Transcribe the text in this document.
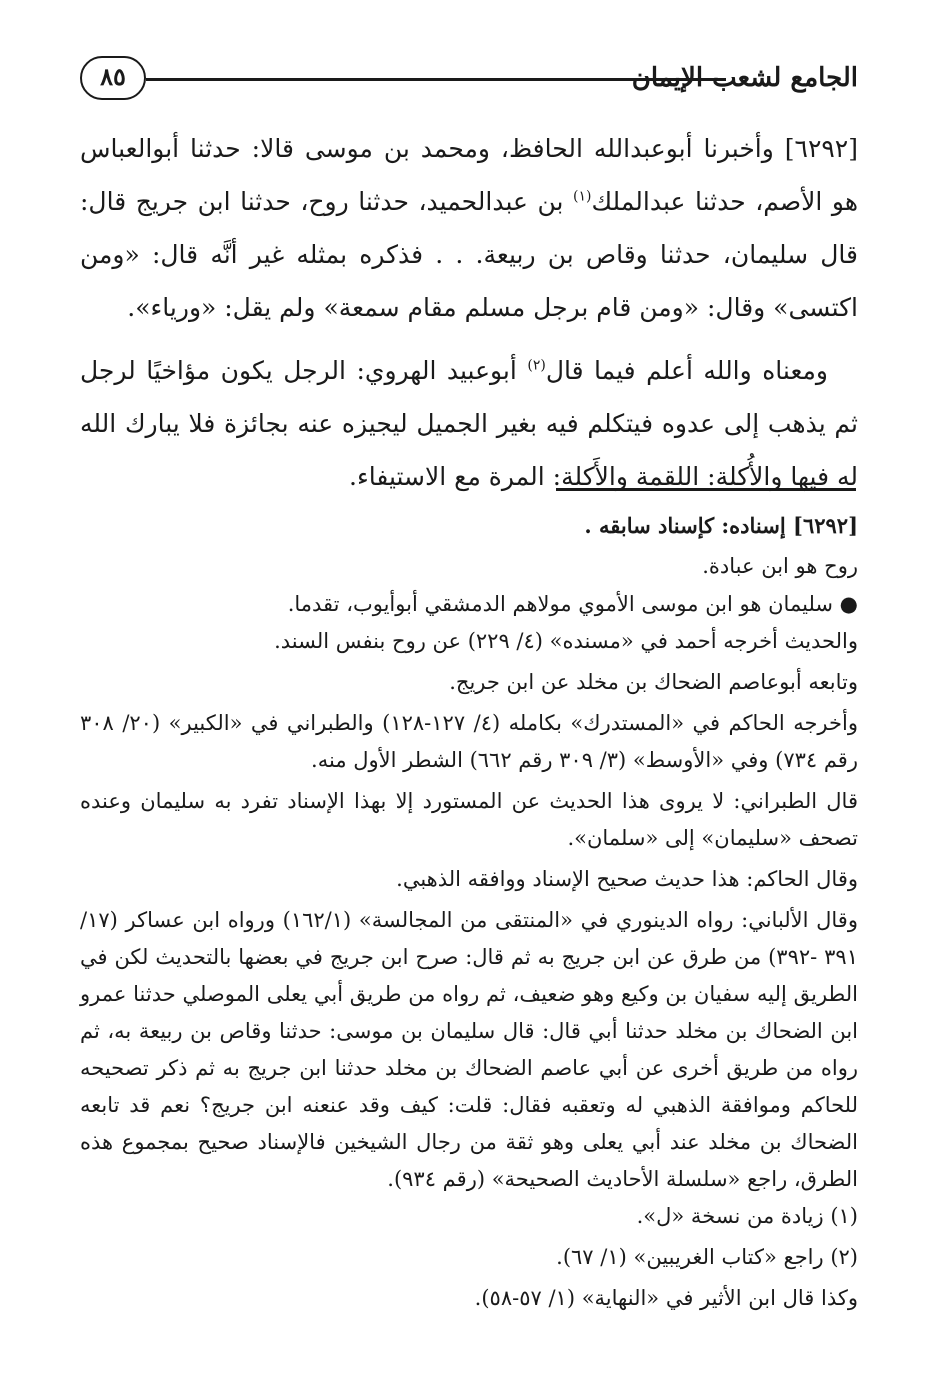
٨٥	الجامع لشعب الإيمان

[٦٢٩٢] وأخبرنا أبوعبدالله الحافظ، ومحمد بن موسى قالا: حدثنا أبوالعباس هو الأصم، حدثنا عبدالملك$^{(١)}$ بن عبدالحميد، حدثنا روح، حدثنا ابن جريج قال: قال سليمان، حدثنا وقاص بن ربيعة. . . فذكره بمثله غير أنَّه قال: «ومن اكتسى» وقال: «ومن قام برجل مسلم مقام سمعة» ولم يقل: «ورياء».

ومعناه والله أعلم فيما قال$^{(٢)}$ أبوعبيد الهروي: الرجل يكون مؤاخيًا لرجل ثم يذهب إلى عدوه فيتكلم فيه بغير الجميل ليجيزه عنه بجائزة فلا يبارك الله له فيها والأُكلة: اللقمة والأَكلة: المرة مع الاستيفاء.

[٦٢٩٢] إسناده: كإسناد سابقه .

روح هو ابن عبادة.

● سليمان هو ابن موسى الأموي مولاهم الدمشقي أبوأيوب، تقدما.

والحديث أخرجه أحمد في «مسنده» (٤/ ٢٢٩) عن روح بنفس السند.

وتابعه أبوعاصم الضحاك بن مخلد عن ابن جريج.

وأخرجه الحاكم في «المستدرك» بكامله (٤/ ١٢٧-١٢٨) والطبراني في «الكبير» (٢٠/ ٣٠٨ رقم ٧٣٤) وفي «الأوسط» (٣/ ٣٠٩ رقم ٦٦٢) الشطر الأول منه.

قال الطبراني: لا يروى هذا الحديث عن المستورد إلا بهذا الإسناد تفرد به سليمان وعنده تصحف «سليمان» إلى «سلمان».

وقال الحاكم: هذا حديث صحيح الإسناد ووافقه الذهبي.

وقال الألباني: رواه الدينوري في «المنتقى من المجالسة» (١٦٢/١) ورواه ابن عساكر (١٧/ ٣٩١ -٣٩٢) من طرق عن ابن جريج به ثم قال: صرح ابن جريج في بعضها بالتحديث لكن في الطريق إليه سفيان بن وكيع وهو ضعيف، ثم رواه من طريق أبي يعلى الموصلي حدثنا عمرو ابن الضحاك بن مخلد حدثنا أبي قال: قال سليمان بن موسى: حدثنا وقاص بن ربيعة به، ثم رواه من طريق أخرى عن أبي عاصم الضحاك بن مخلد حدثنا ابن جريج به ثم ذكر تصحيحه للحاكم وموافقة الذهبي له وتعقبه فقال: قلت: كيف وقد عنعنه ابن جريج؟ نعم قد تابعه الضحاك بن مخلد عند أبي يعلى وهو ثقة من رجال الشيخين فالإسناد صحيح بمجموع هذه الطرق، راجع «سلسلة الأحاديث الصحيحة» (رقم ٩٣٤).

(١) زيادة من نسخة «ل».

(٢) راجع «كتاب الغريبين» (١/ ٦٧).

وكذا قال ابن الأثير في «النهاية» (١/ ٥٧-٥٨).
